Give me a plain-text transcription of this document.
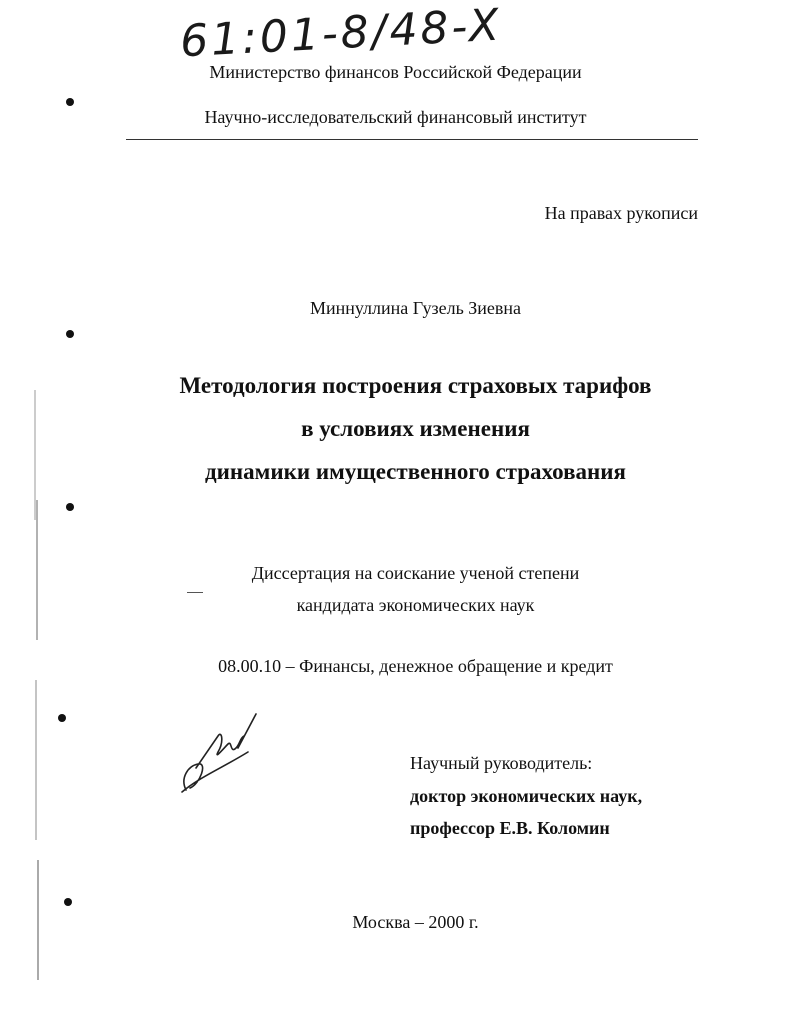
61:01-8/48-X
Министерство финансов Российской Федерации
Научно-исследовательский финансовый институт
На правах рукописи
Миннуллина Гузель Зиевна
Методология построения страховых тарифов
в условиях изменения
динамики имущественного страхования
Диссертация на соискание ученой степени
кандидата экономических наук
08.00.10 – Финансы, денежное обращение и кредит
Научный руководитель:
доктор экономических наук,
профессор Е.В. Коломин
Москва – 2000 г.
